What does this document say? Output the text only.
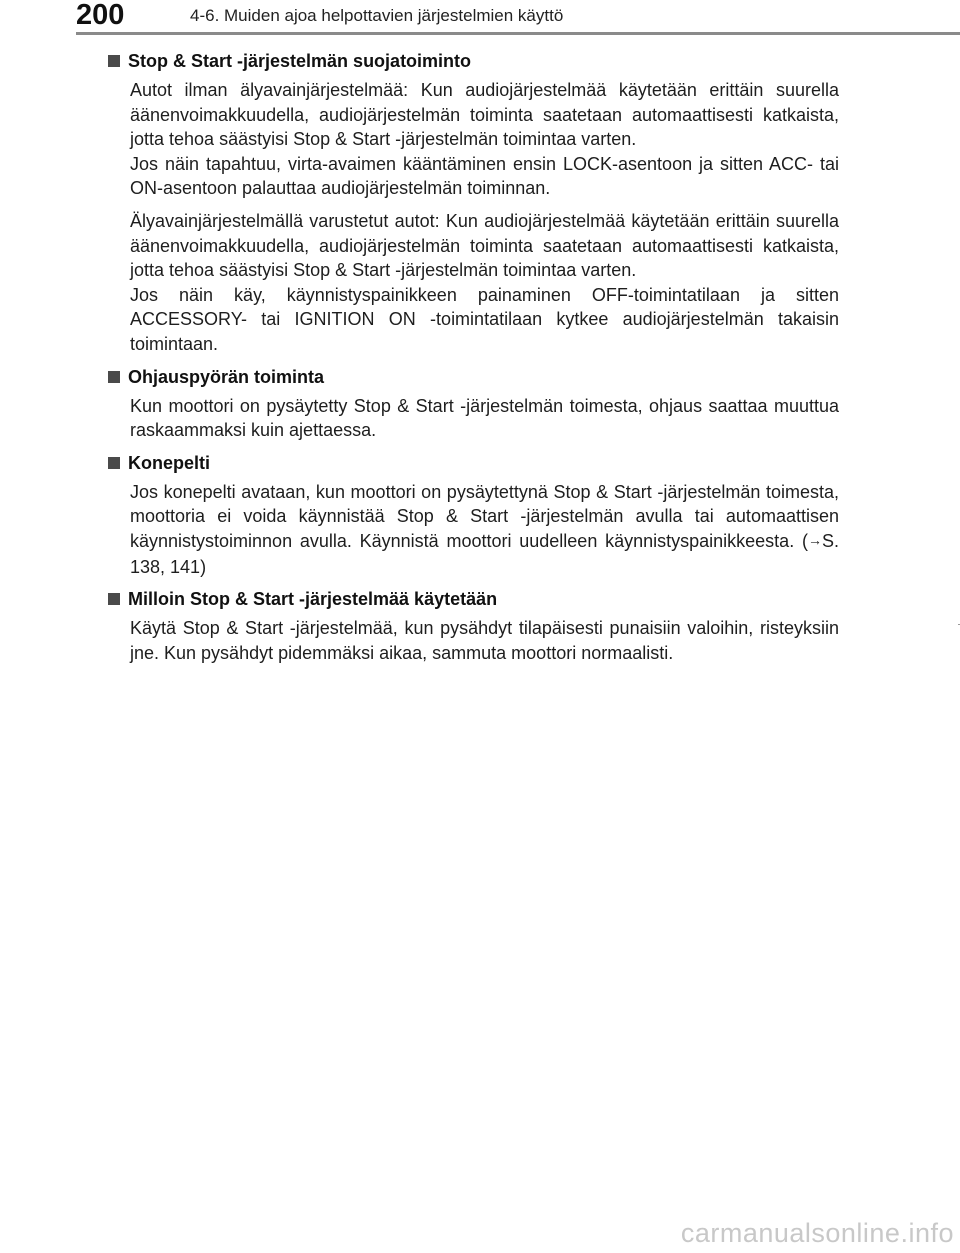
200	4-6. Muiden ajoa helpottavien järjestelmien käyttö
Stop & Start -järjestelmän suojatoiminto

Autot ilman älyavainjärjestelmää: Kun audiojärjestelmää käytetään erittäin suurella äänenvoimakkuudella, audiojärjestelmän toiminta saatetaan automaattisesti katkaista, jotta tehoa säästyisi Stop & Start -järjestelmän toimintaa varten.
Jos näin tapahtuu, virta-avaimen kääntäminen ensin LOCK-asentoon ja sitten ACC- tai ON-asentoon palauttaa audiojärjestelmän toiminnan.

Älyavainjärjestelmällä varustetut autot: Kun audiojärjestelmää käytetään erittäin suurella äänenvoimakkuudella, audiojärjestelmän toiminta saatetaan automaattisesti katkaista, jotta tehoa säästyisi Stop & Start -järjestelmän toimintaa varten.
Jos näin käy, käynnistyspainikkeen painaminen OFF-toimintatilaan ja sitten ACCESSORY- tai IGNITION ON -toimintatilaan kytkee audiojärjestelmän takaisin toimintaan.

Ohjauspyörän toiminta

Kun moottori on pysäytetty Stop & Start -järjestelmän toimesta, ohjaus saattaa muuttua raskaammaksi kuin ajettaessa.

Konepelti

Jos konepelti avataan, kun moottori on pysäytettynä Stop & Start -järjestelmän toimesta, moottoria ei voida käynnistää Stop & Start -järjestelmän avulla tai automaattisen käynnistystoiminnon avulla. Käynnistä moottori uudelleen käynnistyspainikkeesta. (→S. 138, 141)

Milloin Stop & Start -järjestelmää käytetään

Käytä Stop & Start -järjestelmää, kun pysähdyt tilapäisesti punaisiin valoihin, risteyksiin jne. Kun pysähdyt pidemmäksi aikaa, sammuta moottori normaalisti.

carmanualsonline.info
